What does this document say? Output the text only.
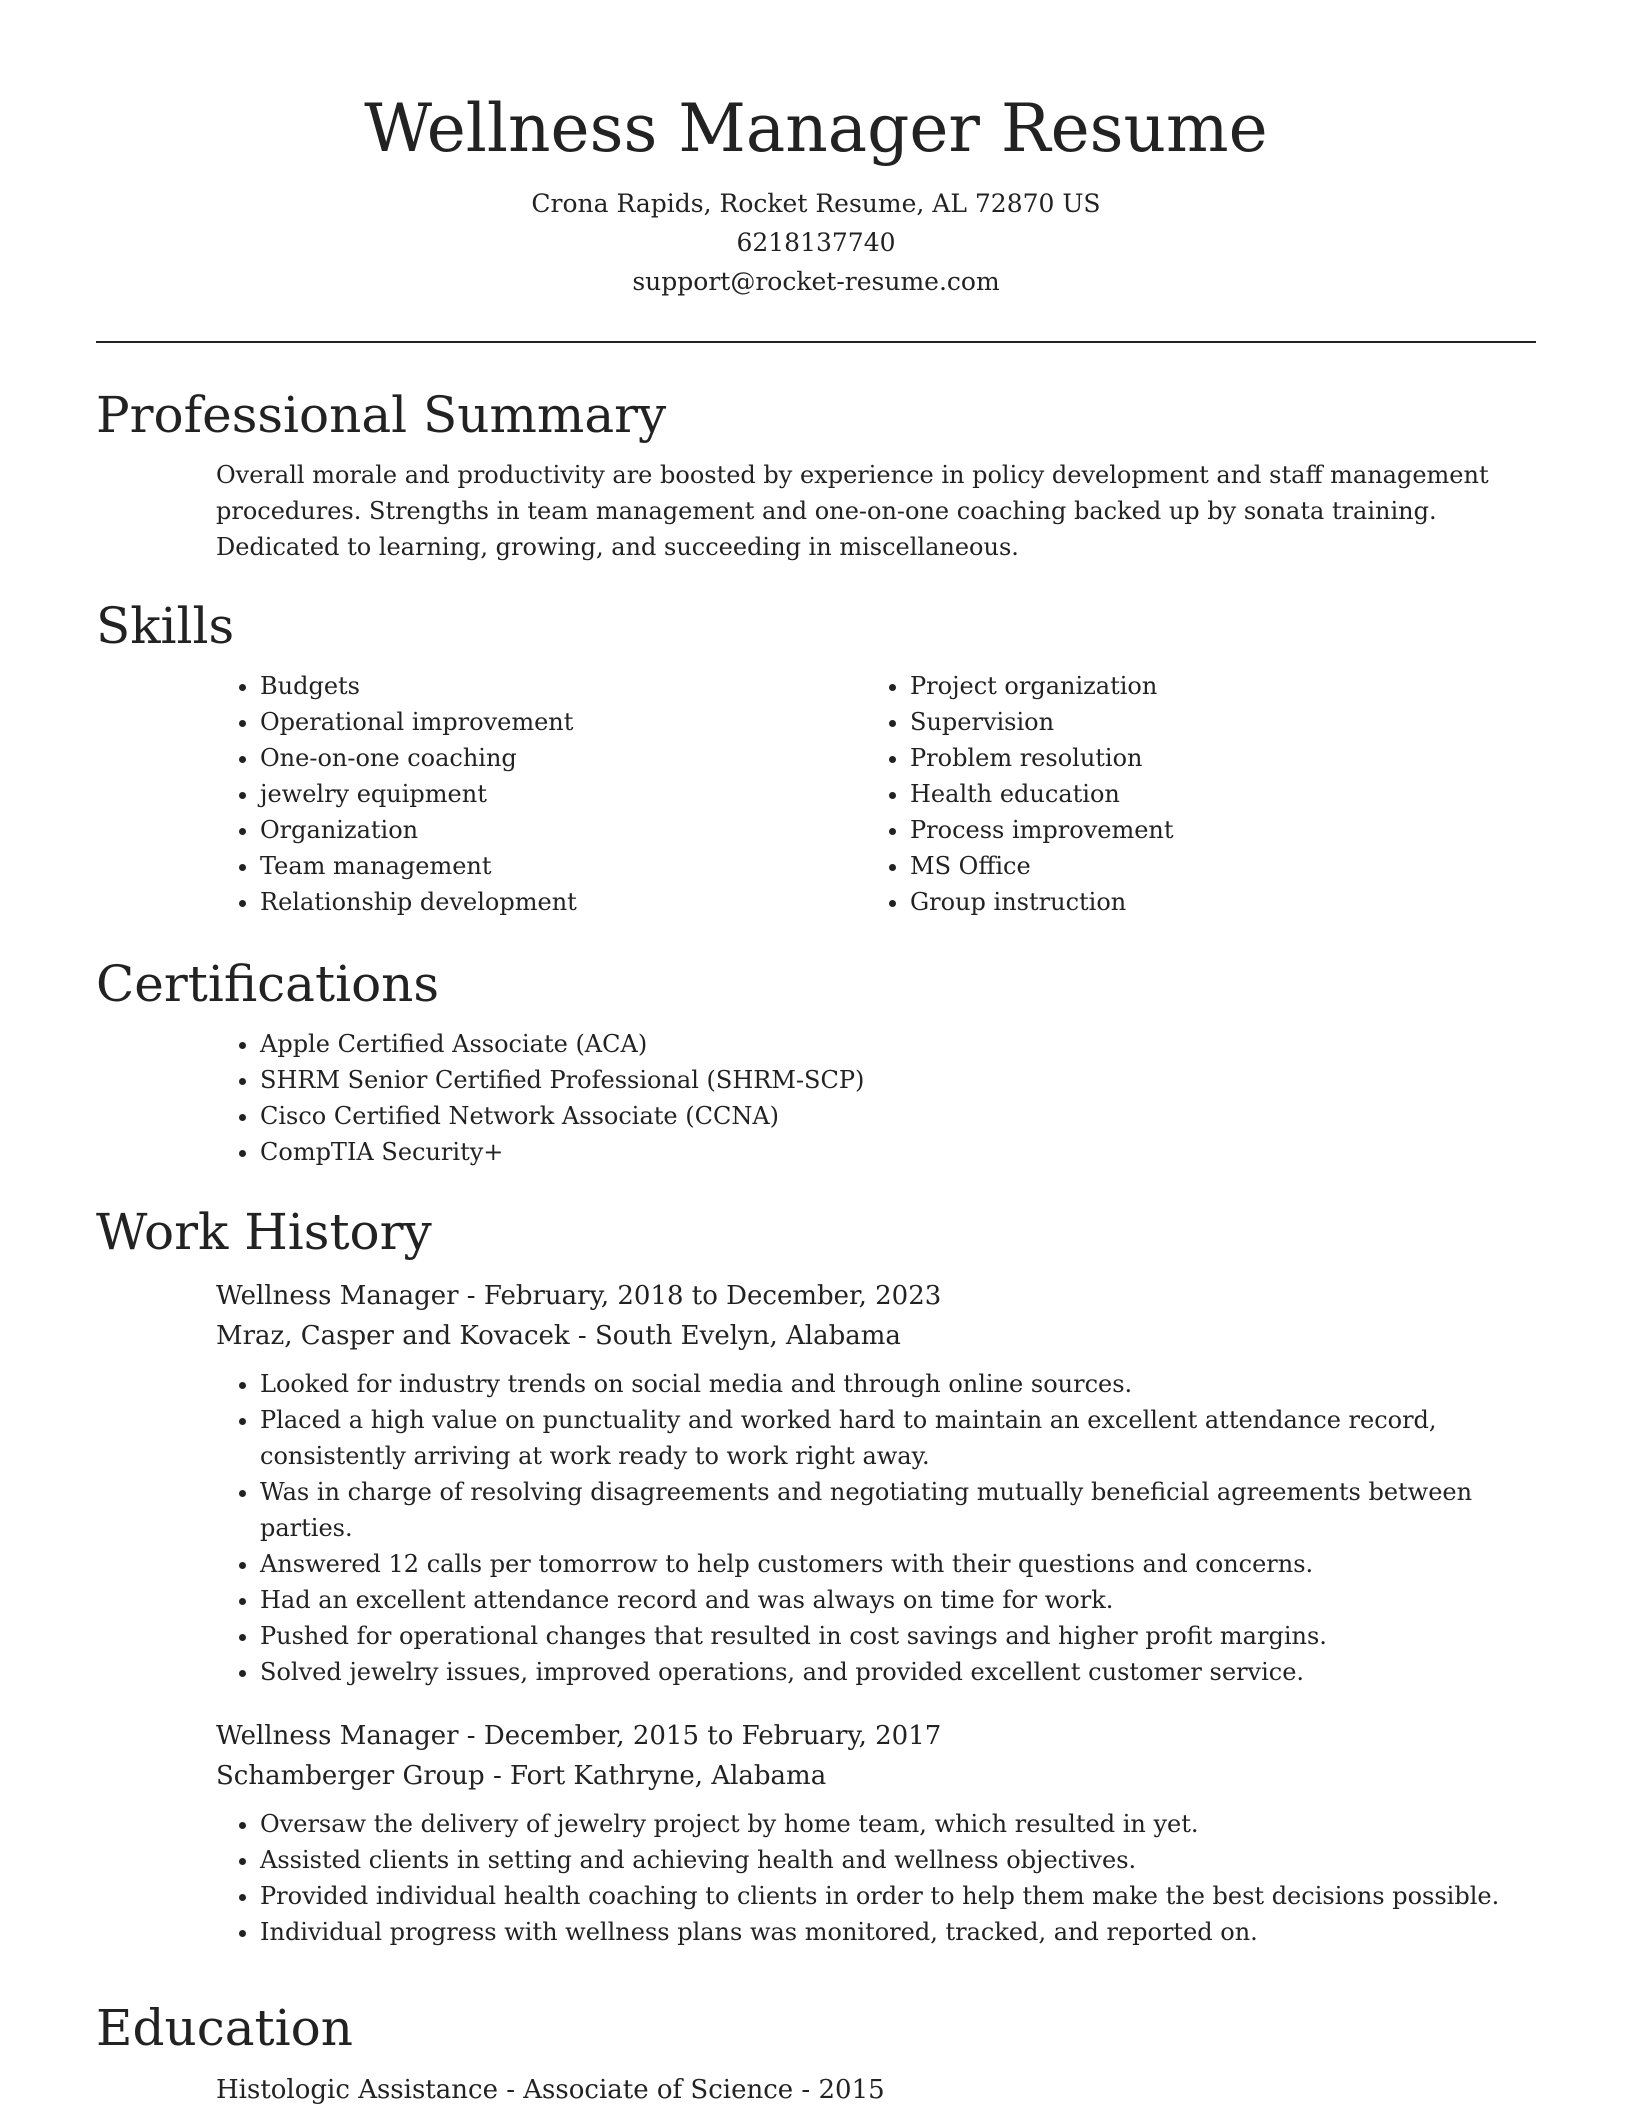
Wellness Manager Resume
Crona Rapids, Rocket Resume, AL 72870 US
6218137740
support@rocket-resume.com
Professional Summary
Overall morale and productivity are boosted by experience in policy development and staff management procedures. Strengths in team management and one-on-one coaching backed up by sonata training. Dedicated to learning, growing, and succeeding in miscellaneous.
Skills
• Budgets
• Operational improvement
• One-on-one coaching
• jewelry equipment
• Organization
• Team management
• Relationship development
• Project organization
• Supervision
• Problem resolution
• Health education
• Process improvement
• MS Office
• Group instruction
Certifications
• Apple Certified Associate (ACA)
• SHRM Senior Certified Professional (SHRM-SCP)
• Cisco Certified Network Associate (CCNA)
• CompTIA Security+
Work History
Wellness Manager - February, 2018 to December, 2023
Mraz, Casper and Kovacek - South Evelyn, Alabama
• Looked for industry trends on social media and through online sources.
• Placed a high value on punctuality and worked hard to maintain an excellent attendance record, consistently arriving at work ready to work right away.
• Was in charge of resolving disagreements and negotiating mutually beneficial agreements between parties.
• Answered 12 calls per tomorrow to help customers with their questions and concerns.
• Had an excellent attendance record and was always on time for work.
• Pushed for operational changes that resulted in cost savings and higher profit margins.
• Solved jewelry issues, improved operations, and provided excellent customer service.
Wellness Manager - December, 2015 to February, 2017
Schamberger Group - Fort Kathryne, Alabama
• Oversaw the delivery of jewelry project by home team, which resulted in yet.
• Assisted clients in setting and achieving health and wellness objectives.
• Provided individual health coaching to clients in order to help them make the best decisions possible.
• Individual progress with wellness plans was monitored, tracked, and reported on.
Education
Histologic Assistance - Associate of Science - 2015
